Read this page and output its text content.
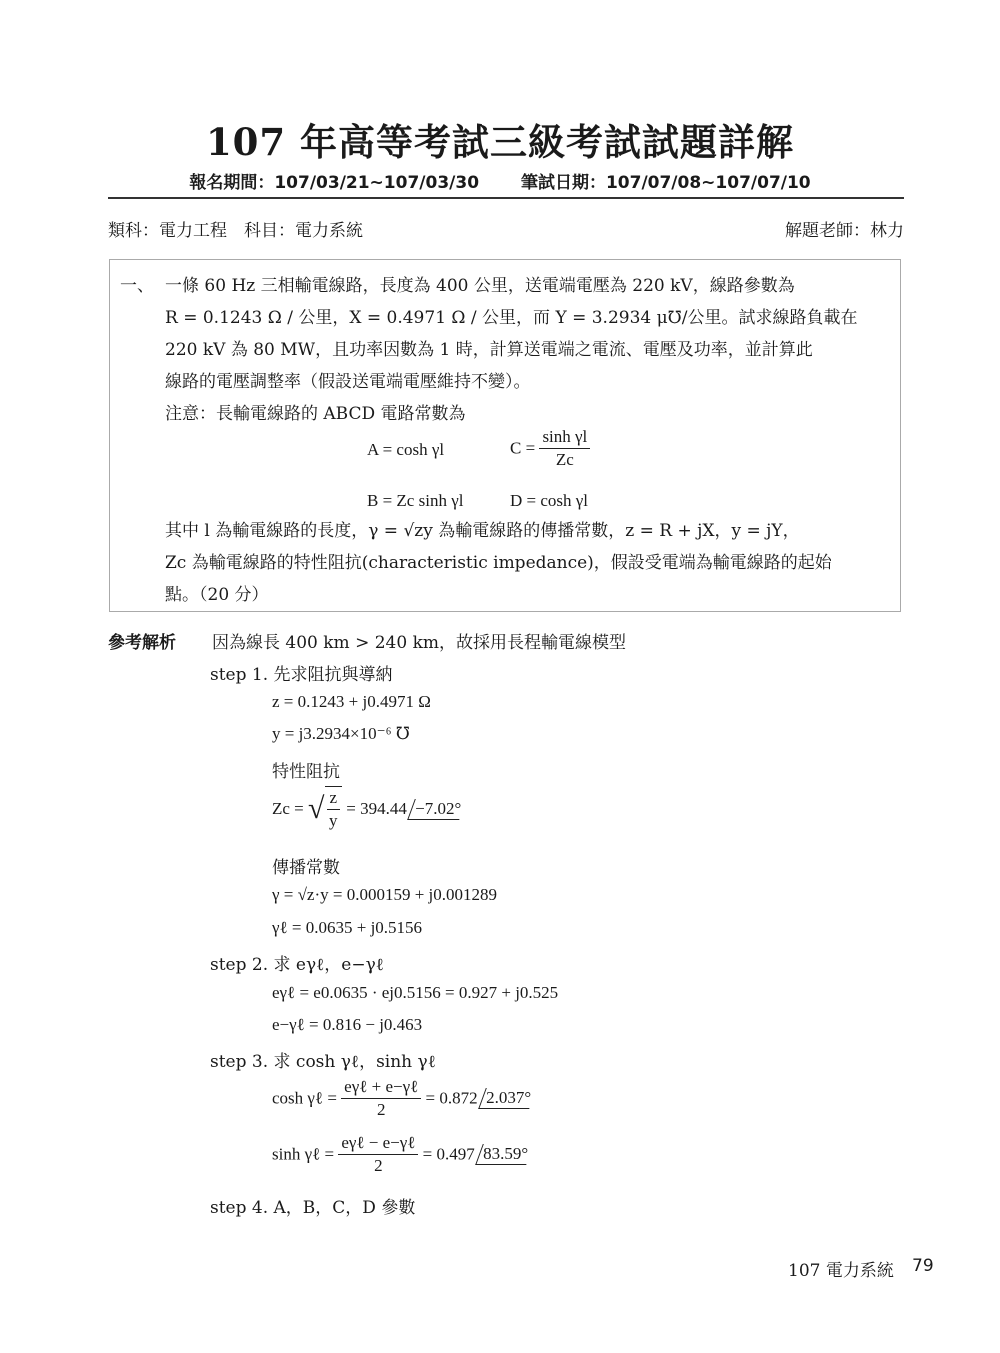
107 年高等考試三級考試試題詳解
報名期間：107/03/21~107/03/30 筆試日期：107/07/08~107/07/10
類科：電力工程　科目：電力系統	解題老師：林力
一、 一條 60 Hz 三相輸電線路，長度為 400 公里，送電端電壓為 220 kV，線路參數為
R = 0.1243 Ω / 公里，X = 0.4971 Ω / 公里，而 Y = 3.2934 μ℧/公里。試求線路負載在
220 kV 為 80 MW，且功率因數為 1 時，計算送電端之電流、電壓及功率，並計算此
線路的電壓調整率（假設送電端電壓維持不變）。
注意：長輸電線路的 ABCD 電路常數為
A = cosh γl	$C = \frac{\text{sinh γl}}{Zc}$
B = Zc sinh γl	D = cosh γl
其中 l 為輸電線路的長度，γ = √zy 為輸電線路的傳播常數，z = R + jX，y = jY，
Zc 為輸電線路的特性阻抗(characteristic impedance)，假設受電端為輸電線路的起始
點。（20 分）
參考解析 因為線長 400 km > 240 km，故採用長程輸電線模型
step 1. 先求阻抗與導納
z = 0.1243 + j0.4971 Ω
y = j3.2934×10⁻⁶ ℧
特性阻抗
Zc = √ $\frac{z}{y} = 394.44 -7.02^\circ$
傳播常數
γ = √z·y = 0.000159 + j0.001289
γℓ = 0.0635 + j0.5156
step 2. 求 eγℓ，e−γℓ
eγℓ = e0.0635 · ej0.5156 = 0.927 + j0.525
e−γℓ = 0.816 − j0.463
step 3. 求 cosh γℓ，sinh γℓ
cosh γℓ = $\frac{\text{eγℓ + e−γℓ}}{2} = 0.872$ 2.037°
sinh γℓ = $\frac{\text{eγℓ − e−γℓ}}{2} = 0.497$ 83.59°
step 4. A，B，C，D 參數
107 電力系統 79
